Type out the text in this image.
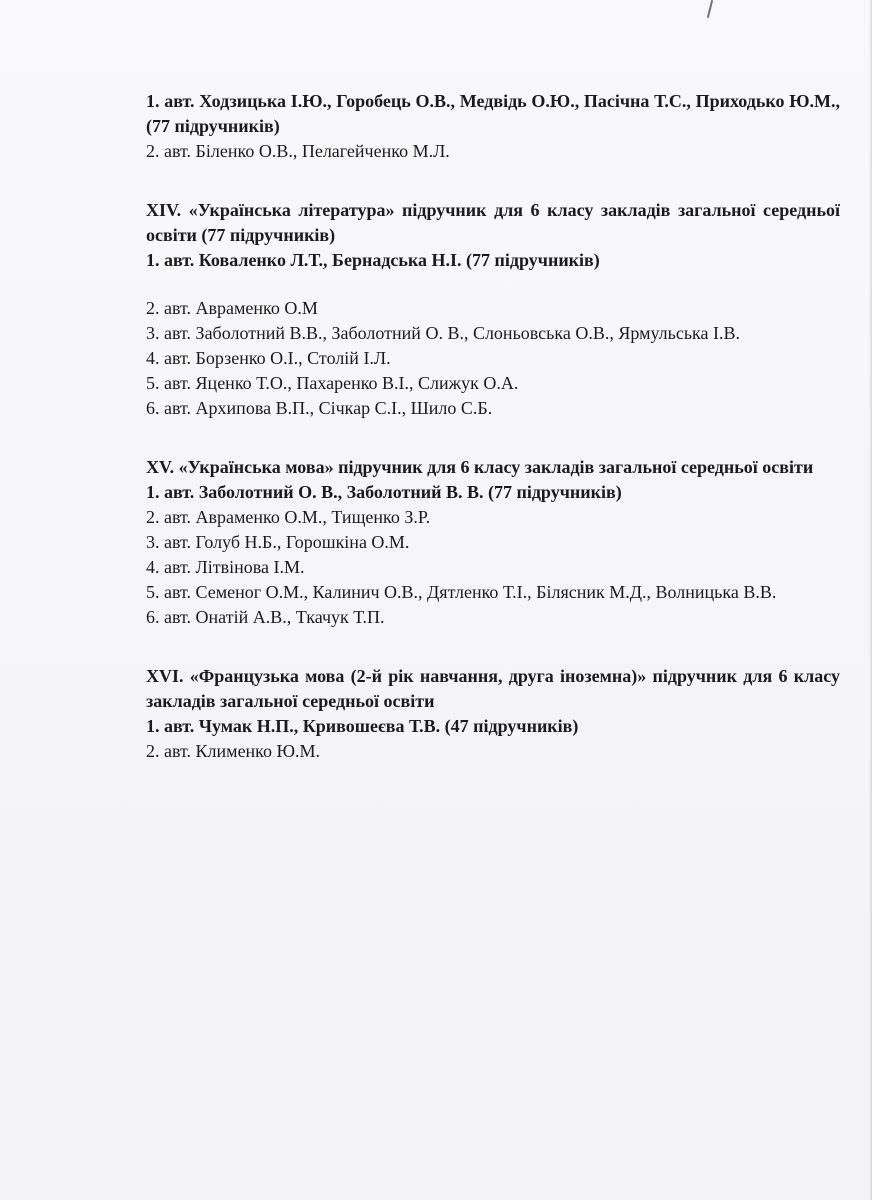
1. авт. Ходзицька І.Ю., Горобець О.В., Медвідь О.Ю., Пасічна Т.С., Приходько Ю.М., (77 підручників)

2. авт. Біленко О.В., Пелагейченко М.Л.

XIV. «Українська література» підручник для 6 класу закладів загальної середньої освіти (77 підручників)

1. авт. Коваленко Л.Т., Бернадська Н.І. (77 підручників)

2. авт. Авраменко О.М

3. авт. Заболотний В.В., Заболотний О. В., Слоньовська О.В., Ярмульська І.В.

4. авт. Борзенко О.І., Столій І.Л.

5. авт. Яценко Т.О., Пахаренко В.І., Слижук О.А.

6. авт. Архипова В.П., Січкар С.І., Шило С.Б.

XV. «Українська мова» підручник для 6 класу закладів загальної середньої освіти

1. авт. Заболотний О. В., Заболотний В. В. (77 підручників)

2. авт. Авраменко О.М., Тищенко З.Р.

3. авт. Голуб Н.Б., Горошкіна О.М.

4. авт. Літвінова І.М.

5. авт. Семеног О.М., Калинич О.В., Дятленко Т.І., Білясник М.Д., Волницька В.В.

6. авт. Онатій А.В., Ткачук Т.П.

XVI. «Французька мова (2-й рік навчання, друга іноземна)» підручник для 6 класу закладів загальної середньої освіти

1. авт. Чумак Н.П., Кривошеєва Т.В. (47 підручників)

2. авт. Клименко Ю.М.
